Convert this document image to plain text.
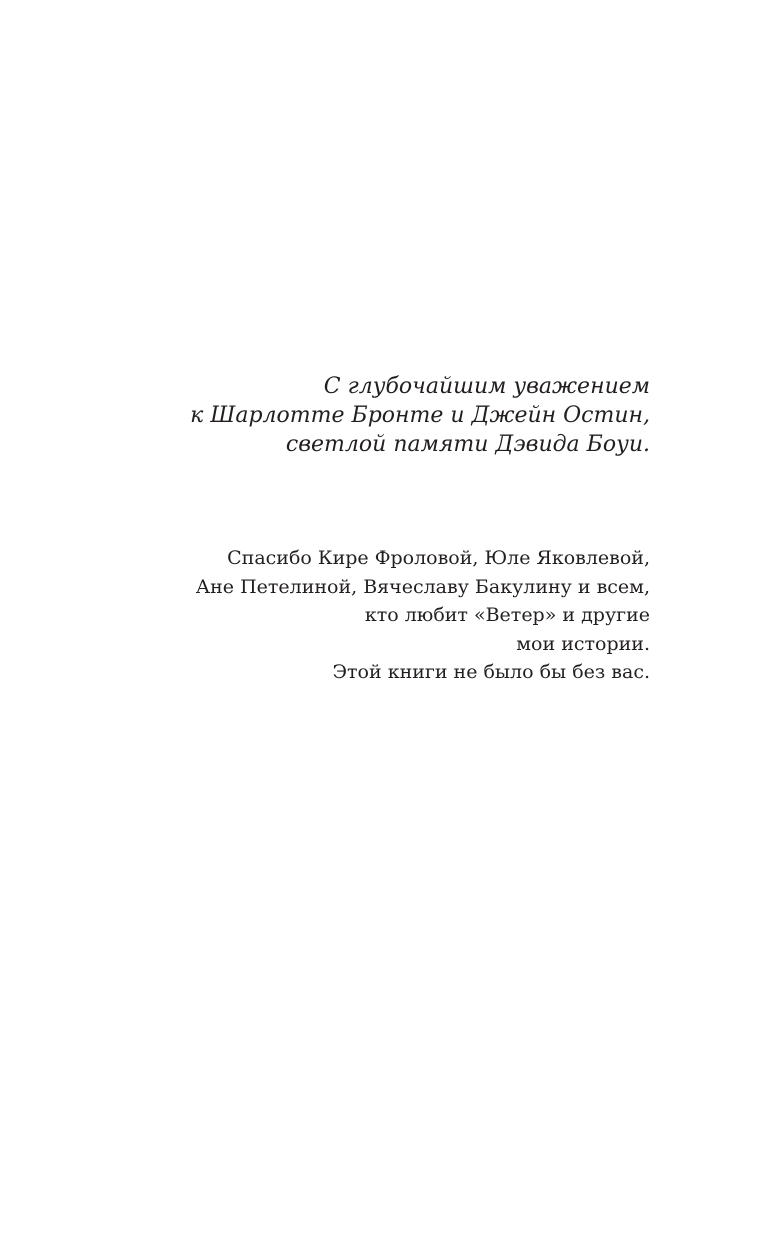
С глубочайшим уважением
к Шарлотте Бронте и Джейн Остин,
светлой памяти Дэвида Боуи.
Спасибо Кире Фроловой, Юле Яковлевой,
Ане Петелиной, Вячеславу Бакулину и всем,
кто любит «Ветер» и другие
мои истории.
Этой книги не было бы без вас.
